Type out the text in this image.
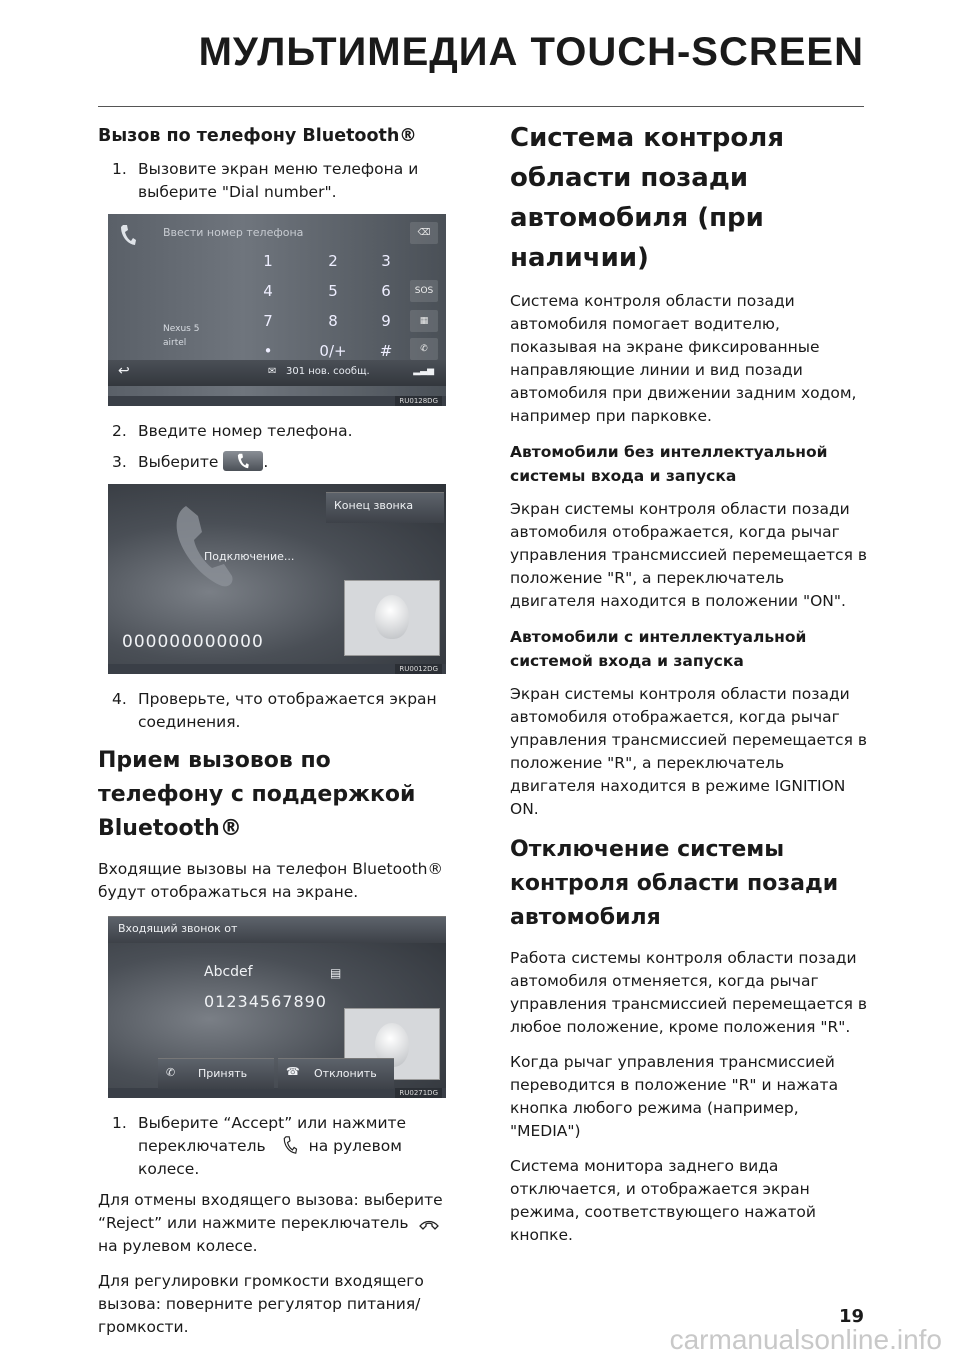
МУЛЬТИМЕДИА TOUCH-SCREEN
Вызов по телефону Bluetooth®
1. Вызовите экран меню телефона и выберите "Dial number".
Ввести номер телефона	⌫
1	2	3
4	5	6
7	8	9
•	0/+	#
SOS
▦
✆
Nexus 5
airtel
↩	✉ 301 нов. сообщ.	▂▃▅
RU0128DG
2. Введите номер телефона.
3. Выберите	.
Конец звонка
Подключение...
000000000000
RU0012DG
4. Проверьте, что отображается экран соединения.
Прием вызовов по телефону с поддержкой Bluetooth®

Входящие вызовы на телефон Bluetooth® будут отображаться на экране.

Входящий звонок от
Abcdef
01234567890
▤
✆ Принять	☎ Отклонить
RU0271DG
1. Выберите “Accept” или нажмите переключатель	на рулевом колесе.

Для отмены входящего вызова: выберите “Reject” или нажмите переключательна рулевом колесе.

Для регулировки громкости входящего вызова: поверните регулятор питания/громкости.

Система контроля области позади автомобиля (при наличии)

Система контроля области позади автомобиля помогает водителю, показывая на экране фиксированные направляющие линии и вид позади автомобиля при движении задним ходом, например при парковке.

Автомобили без интеллектуальной системы входа и запуска

Экран системы контроля области позади автомобиля отображается, когда рычаг управления трансмиссией перемещается в положение "R", а переключатель двигателя находится в положении "ON".

Автомобили с интеллектуальной системой входа и запуска

Экран системы контроля области позади автомобиля отображается, когда рычаг управления трансмиссией перемещается в положение "R", а переключатель двигателя находится в режиме IGNITION ON.

Отключение системы контроля области позади автомобиля

Работа системы контроля области позади автомобиля отменяется, когда рычаг управления трансмиссией перемещается в любое положение, кроме положения "R".

Когда рычаг управления трансмиссией переводится в положение "R" и нажата кнопка любого режима (например, "MEDIA")

Система монитора заднего вида отключается, и отображается экран режима, соответствующего нажатой кнопке.

19
carmanualsonline.info
